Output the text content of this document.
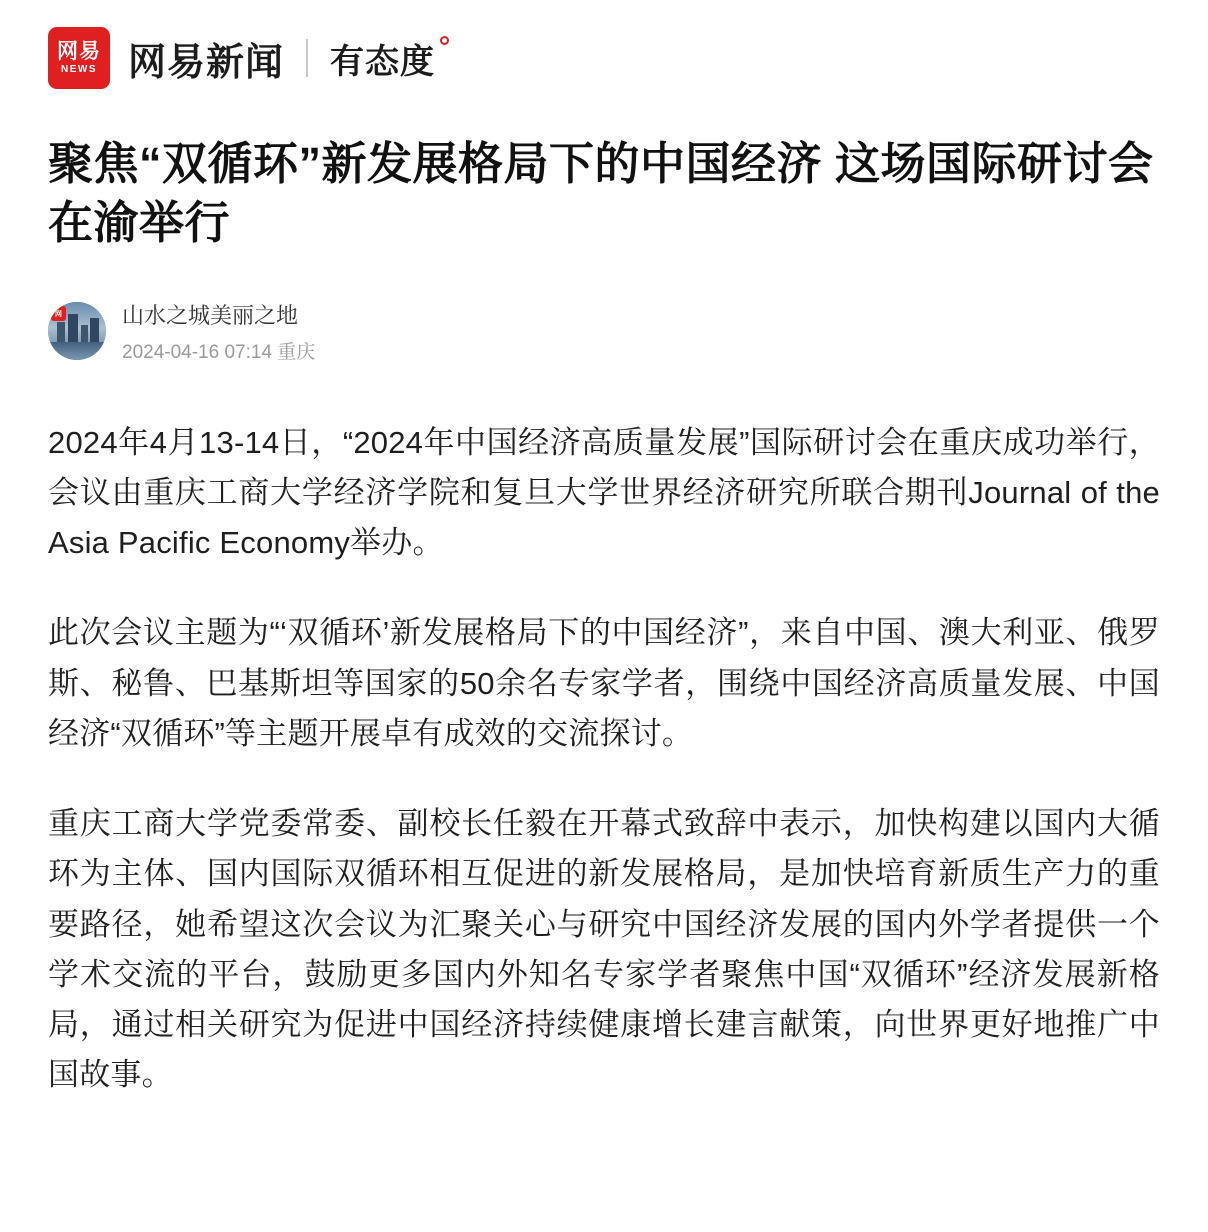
网易
NEWS 网易新闻 有态度
聚焦“双循环”新发展格局下的中国经济 这场国际研讨会在渝举行
网	山水之城美丽之地
2024-04-16 07:14 重庆

2024年4月13-14日，“2024年中国经济高质量发展”国际研讨会在重庆成功举行，会议由重庆工商大学经济学院和复旦大学世界经济研究所联合期刊Journal of the Asia Pacific Economy举办。

此次会议主题为“‘双循环’新发展格局下的中国经济”，来自中国、澳大利亚、俄罗斯、秘鲁、巴基斯坦等国家的50余名专家学者，围绕中国经济高质量发展、中国经济“双循环”等主题开展卓有成效的交流探讨。

重庆工商大学党委常委、副校长任毅在开幕式致辞中表示，加快构建以国内大循环为主体、国内国际双循环相互促进的新发展格局，是加快培育新质生产力的重要路径，她希望这次会议为汇聚关心与研究中国经济发展的国内外学者提供一个学术交流的平台，鼓励更多国内外知名专家学者聚焦中国“双循环”经济发展新格局，通过相关研究为促进中国经济持续健康增长建言献策，向世界更好地推广中国故事。
